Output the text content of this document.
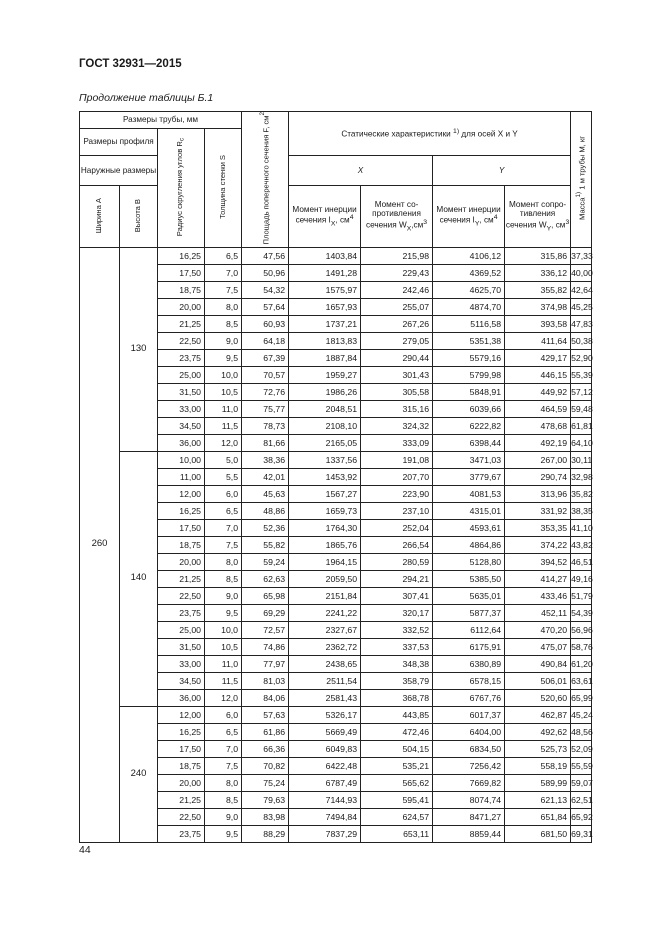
ГОСТ 32931—2015
Продолжение таблицы Б.1
Размеры трубы, мм				Площадь поперечного сечения F, $см^2$	Статические характеристики $^{1)}$ для осей X и Y				Масса$^{1)}$ 1 м трубы M, кг
Размеры профиля		Радиус скругления углов $R_c$	Толщина стенки S						
Наружные размеры					X		Y		
Ширина A	Высота B				Момент инерции сечения $I_X$, $см^4$	Момент со-противления сечения $W_X,см^3$	Момент инерции сечения $I_Y$, $см^4$	Момент сопро-тивления сечения $W_Y$, $см^3$
260	130	16,25	6,5	47,56	1403,84	215,98	4106,12	315,86	37,33
		17,50	7,0	50,96	1491,28	229,43	4369,52	336,12	40,00
		18,75	7,5	54,32	1575,97	242,46	4625,70	355,82	42,64
		20,00	8,0	57,64	1657,93	255,07	4874,70	374,98	45,25
		21,25	8,5	60,93	1737,21	267,26	5116,58	393,58	47,83
		22,50	9,0	64,18	1813,83	279,05	5351,38	411,64	50,38
		23,75	9,5	67,39	1887,84	290,44	5579,16	429,17	52,90
		25,00	10,0	70,57	1959,27	301,43	5799,98	446,15	55,39
		31,50	10,5	72,76	1986,26	305,58	5848,91	449,92	57,12
		33,00	11,0	75,77	2048,51	315,16	6039,66	464,59	59,48
		34,50	11,5	78,73	2108,10	324,32	6222,82	478,68	61,81
		36,00	12,0	81,66	2165,05	333,09	6398,44	492,19	64,10
	140	10,00	5,0	38,36	1337,56	191,08	3471,03	267,00	30,11
		11,00	5,5	42,01	1453,92	207,70	3779,67	290,74	32,98
		12,00	6,0	45,63	1567,27	223,90	4081,53	313,96	35,82
		16,25	6,5	48,86	1659,73	237,10	4315,01	331,92	38,35
		17,50	7,0	52,36	1764,30	252,04	4593,61	353,35	41,10
		18,75	7,5	55,82	1865,76	266,54	4864,86	374,22	43,82
		20,00	8,0	59,24	1964,15	280,59	5128,80	394,52	46,51
		21,25	8,5	62,63	2059,50	294,21	5385,50	414,27	49,16
		22,50	9,0	65,98	2151,84	307,41	5635,01	433,46	51,79
		23,75	9,5	69,29	2241,22	320,17	5877,37	452,11	54,39
		25,00	10,0	72,57	2327,67	332,52	6112,64	470,20	56,96
		31,50	10,5	74,86	2362,72	337,53	6175,91	475,07	58,76
		33,00	11,0	77,97	2438,65	348,38	6380,89	490,84	61,20
		34,50	11,5	81,03	2511,54	358,79	6578,15	506,01	63,61
		36,00	12,0	84,06	2581,43	368,78	6767,76	520,60	65,99
	240	12,00	6,0	57,63	5326,17	443,85	6017,37	462,87	45,24
		16,25	6,5	61,86	5669,49	472,46	6404,00	492,62	48,56
		17,50	7,0	66,36	6049,83	504,15	6834,50	525,73	52,09
		18,75	7,5	70,82	6422,48	535,21	7256,42	558,19	55,59
		20,00	8,0	75,24	6787,49	565,62	7669,82	589,99	59,07
		21,25	8,5	79,63	7144,93	595,41	8074,74	621,13	62,51
		22,50	9,0	83,98	7494,84	624,57	8471,27	651,84	65,92
		23,75	9,5	88,29	7837,29	653,11	8859,44	681,50	69,31
44
